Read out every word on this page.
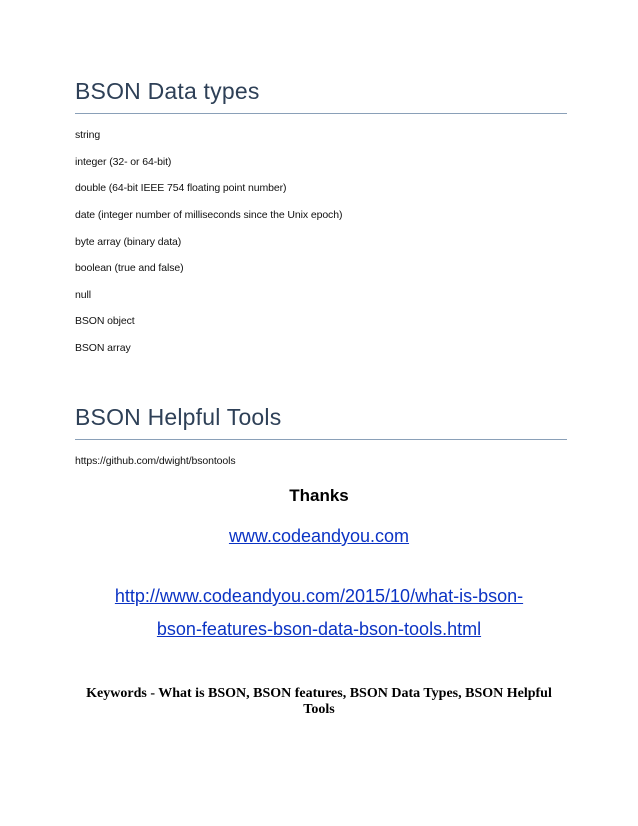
BSON Data types

string

integer (32- or 64-bit)

double (64-bit IEEE 754 floating point number)

date (integer number of milliseconds since the Unix epoch)

byte array (binary data)

boolean (true and false)

null

BSON object

BSON array

BSON Helpful Tools

https://github.com/dwight/bsontools

Thanks

www.codeandyou.com

http://www.codeandyou.com/2015/10/what-is-bson-
bson-features-bson-data-bson-tools.html

Keywords - What is BSON, BSON features, BSON Data Types, BSON Helpful
Tools
